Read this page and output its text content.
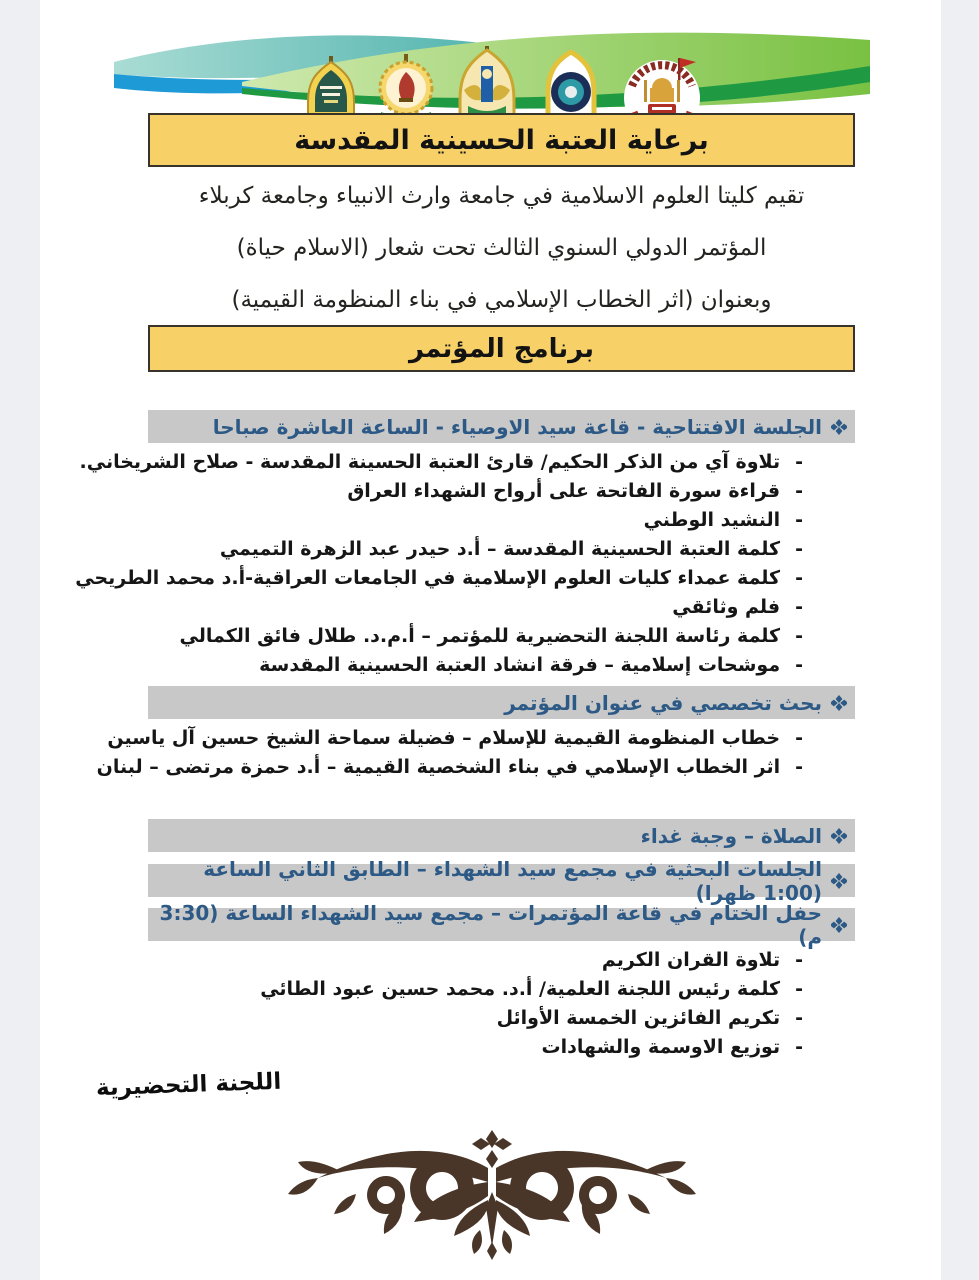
برعاية العتبة الحسينية المقدسة
تقيم كليتا العلوم الاسلامية في جامعة وارث الانبياء وجامعة كربلاء
المؤتمر الدولي السنوي الثالث تحت شعار (الاسلام حياة)
وبعنوان (اثر الخطاب الإسلامي في بناء المنظومة القيمية)
برنامج المؤتمر
الجلسة الافتتاحية - قاعة سيد الاوصياء - الساعة العاشرة صباحا
- تلاوة آي من الذكر الحكيم/ قارئ العتبة الحسينة المقدسة - صلاح الشريخاني.
- قراءة سورة الفاتحة على أرواح الشهداء العراق
- النشيد الوطني
- كلمة العتبة الحسينية المقدسة – أ.د حيدر عبد الزهرة التميمي
- كلمة عمداء كليات العلوم الإسلامية في الجامعات العراقية-أ.د محمد الطريحي
- فلم وثائقي
- كلمة رئاسة اللجنة التحضيرية للمؤتمر – أ.م.د. طلال فائق الكمالي
- موشحات إسلامية – فرقة انشاد العتبة الحسينية المقدسة
بحث تخصصي في عنوان المؤتمر
- خطاب المنظومة القيمية للإسلام – فضيلة سماحة الشيخ حسين آل ياسين
- اثر الخطاب الإسلامي في بناء الشخصية القيمية – أ.د حمزة مرتضى – لبنان
الصلاة – وجبة غداء
الجلسات البحثية في مجمع سيد الشهداء – الطابق الثاني الساعة (1:00 ظهرا)
حفل الختام في قاعة المؤتمرات – مجمع سيد الشهداء الساعة (3:30 م)
- تلاوة القران الكريم
- كلمة رئيس اللجنة العلمية/ أ.د. محمد حسين عبود الطائي
- تكريم الفائزين الخمسة الأوائل
- توزيع الاوسمة والشهادات
اللجنة التحضيرية
